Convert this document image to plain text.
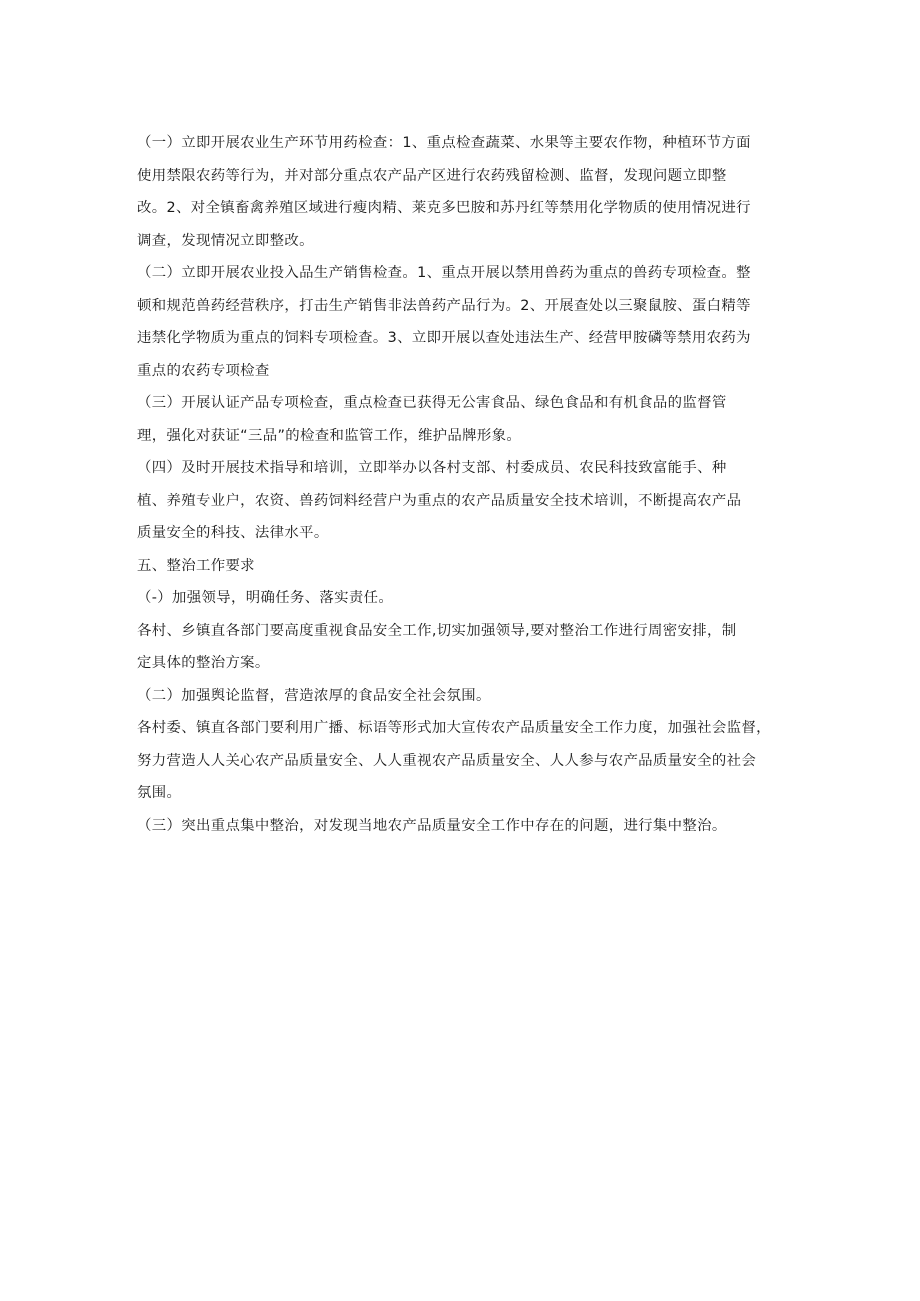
（一）立即开展农业生产环节用药检查：1、重点检查蔬菜、水果等主要农作物，种植环节方面
使用禁限农药等行为，并对部分重点农产品产区进行农药残留检测、监督，发现问题立即整
改。2、对全镇畜禽养殖区域进行瘦肉精、莱克多巴胺和苏丹红等禁用化学物质的使用情况进行
调查，发现情况立即整改。
（二）立即开展农业投入品生产销售检查。1、重点开展以禁用兽药为重点的兽药专项检查。整
顿和规范兽药经营秩序，打击生产销售非法兽药产品行为。2、开展查处以三聚鼠胺、蛋白精等
违禁化学物质为重点的饲料专项检查。3、立即开展以查处违法生产、经营甲胺磷等禁用农药为
重点的农药专项检查
（三）开展认证产品专项检查，重点检查已获得无公害食品、绿色食品和有机食品的监督管
理，强化对获证“三品”的检查和监管工作，维护品牌形象。
（四）及时开展技术指导和培训，立即举办以各村支部、村委成员、农民科技致富能手、种
植、养殖专业户，农资、兽药饲料经营户为重点的农产品质量安全技术培训，不断提高农产品
质量安全的科技、法律水平。
五、整治工作要求
（-）加强领导，明确任务、落实责任。
各村、乡镇直各部门要高度重视食品安全工作,切实加强领导,要对整治工作进行周密安排，制
定具体的整治方案。
（二）加强舆论监督，营造浓厚的食品安全社会氛围。
各村委、镇直各部门要利用广播、标语等形式加大宣传农产品质量安全工作力度，加强社会监督，
努力营造人人关心农产品质量安全、人人重视农产品质量安全、人人参与农产品质量安全的社会
氛围。
（三）突出重点集中整治，对发现当地农产品质量安全工作中存在的问题，进行集中整治。
